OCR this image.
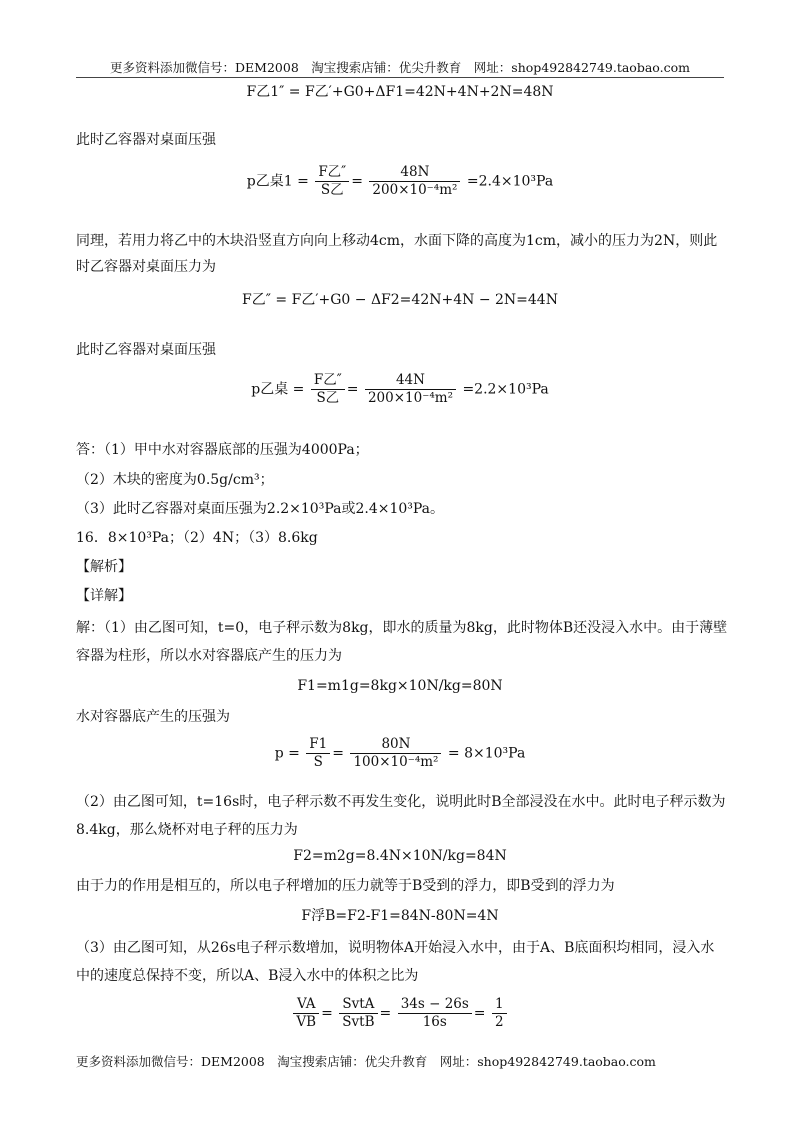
更多资料添加微信号：DEM2008　淘宝搜索店铺：优尖升教育　网址：shop492842749.taobao.com
F乙1″ = F乙′+G0+ΔF1=42N+4N+2N=48N
此时乙容器对桌面压强
p乙桌$1 = \frac{\text{F乙″}}{\text{S乙}} = \frac{48N}{\text{200×10⁻⁴m²}} =2.4\times 10^3Pa$
同理，若用力将乙中的木块沿竖直方向向上移动4cm，水面下降的高度为1cm，减小的压力为2N，则此时乙容器对桌面压力为
F乙″ = F乙′+G0 − ΔF2=42N+4N − 2N=44N
此时乙容器对桌面压强
p乙桌 = $\frac{\text{F乙″}}{\text{S乙}} = \frac{44N}{\text{200×10⁻⁴m²}} =2.2\times 10^3Pa$
答：（1）甲中水对容器底部的压强为4000Pa；
（2）木块的密度为0.5g/cm³；
（3）此时乙容器对桌面压强为2.2×10³Pa或2.4×10³Pa。
16．8×10³Pa；（2）4N；（3）8.6kg
【解析】
【详解】
解：（1）由乙图可知，t=0，电子秤示数为8kg，即水的质量为8kg，此时物体B还没浸入水中。由于薄壁容器为柱形，所以水对容器底产生的压力为
F1=m1g=8kg×10N/kg=80N
水对容器底产生的压强为
$p = \frac{F1}{S} = \frac{80N}{\text{100×10⁻⁴m²}} = 8\times 10^3Pa$
（2）由乙图可知，t=16s时，电子秤示数不再发生变化，说明此时B全部浸没在水中。此时电子秤示数为8.4kg，那么烧杯对电子秤的压力为
F2=m2g=8.4N×10N/kg=84N
由于力的作用是相互的，所以电子秤增加的压力就等于B受到的浮力，即B受到的浮力为
F浮B=F2-F1=84N-80N=4N
（3）由乙图可知，从26s电子秤示数增加，说明物体A开始浸入水中，由于A、B底面积均相同，浸入水中的速度总保持不变，所以A、B浸入水中的体积之比为
$\frac{VA}{VB} = \frac{\text{SvtA}}{\text{SvtB}} = \frac{34s - 26s}{16s} = \frac{1}{2}$
更多资料添加微信号：DEM2008　淘宝搜索店铺：优尖升教育　网址：shop492842749.taobao.com
